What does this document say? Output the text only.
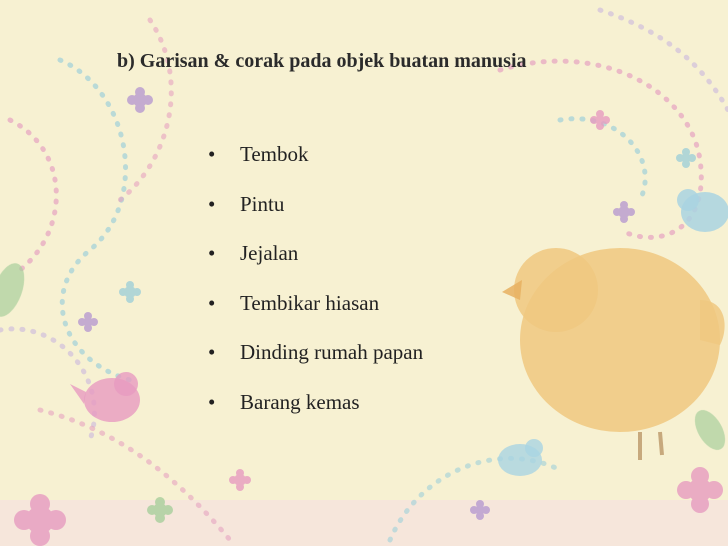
b) Garisan & corak pada objek buatan manusia
•	Tembok
•	Pintu
•	Jejalan
•	Tembikar hiasan
•	Dinding rumah papan
•	Barang kemas
